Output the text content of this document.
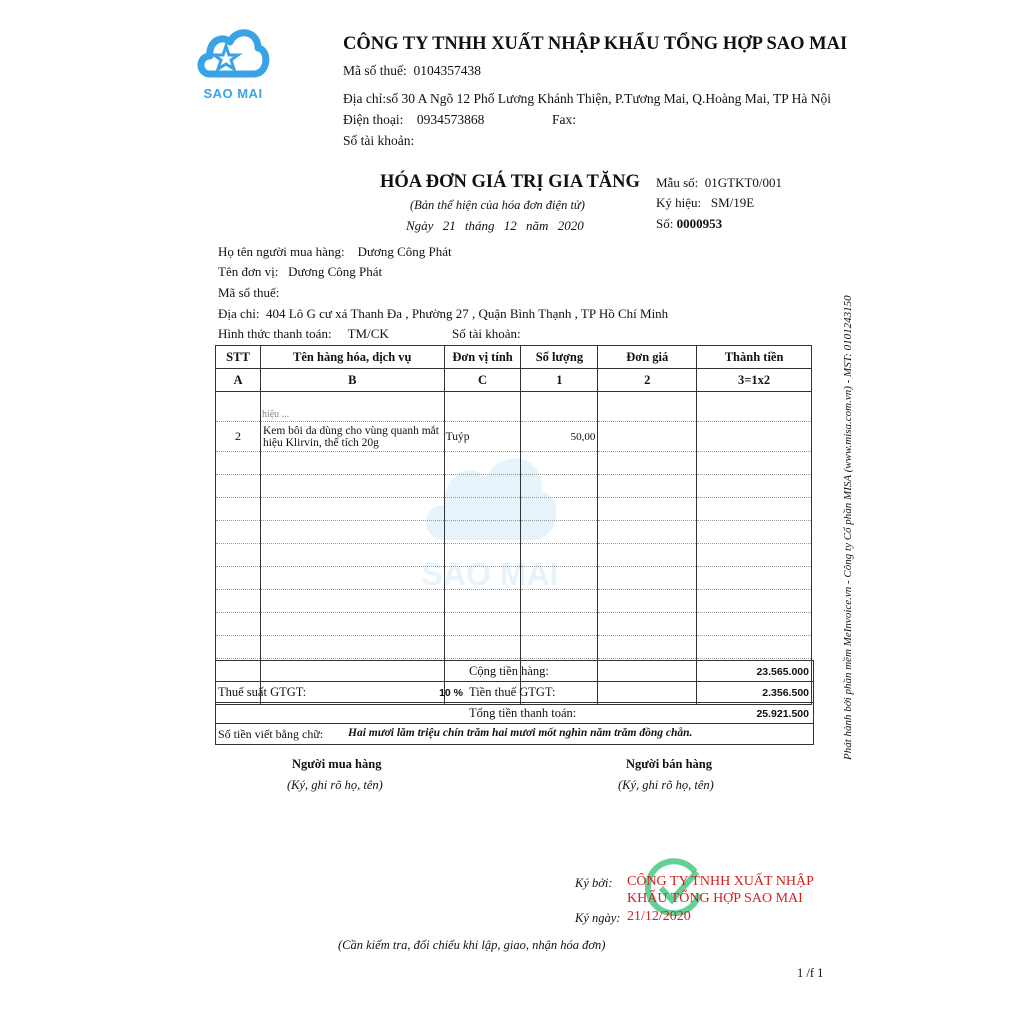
SAO MAI
CÔNG TY TNHH XUẤT NHẬP KHẨU TỔNG HỢP SAO MAI
Mã số thuế: 0104357438
Địa chỉ:số 30 A Ngõ 12 Phố Lương Khánh Thiện, P.Tương Mai, Q.Hoàng Mai, TP Hà Nội
Điện thoại: 0934573868	Fax:
Số tài khoản:
HÓA ĐƠN GIÁ TRỊ GIA TĂNG
(Bản thể hiện của hóa đơn điện tử)
Ngày 21 tháng 12 năm 2020
Mẫu số: 01GTKT0/001
Ký hiệu: SM/19E
Số: 0000953
Họ tên người mua hàng: Dương Công Phát
Tên đơn vị: Dương Công Phát
Mã số thuế:
Địa chỉ: 404 Lô G cư xá Thanh Đa , Phường 27 , Quận Bình Thạnh , TP Hồ Chí Minh
Hình thức thanh toán: TM/CK	Số tài khoản:
SAO MAI
STT	Tên hàng hóa, dịch vụ	Đơn vị tính	Số lượng	Đơn giá	Thành tiền
A	B	C	1	2	3=1x2
	hiệu ...				
2	Kem bôi da dùng cho vùng quanh mắt hiệu Klirvin, thể tích 20g	Tuýp	50,00		

Cộng tiền hàng:	23.565.000
Thuế suất GTGT:	10 % Tiền thuế GTGT:	2.356.500
Tổng tiền thanh toán:	25.921.500
Số tiền viết bằng chữ: Hai mươi lăm triệu chín trăm hai mươi mốt nghìn năm trăm đồng chẵn.
Người mua hàng
(Ký, ghi rõ họ, tên)
Người bán hàng
(Ký, ghi rõ họ, tên)
Ký bởi: CÔNG TY TNHH XUẤT NHẬP
KHẨU TỔNG HỢP SAO MAI
Ký ngày: 21/12/2020
(Cần kiểm tra, đối chiếu khi lập, giao, nhận hóa đơn)
1 /f 1
Phát hành bởi phần mềm MeInvoice.vn - Công ty Cổ phần MISA (www.misa.com.vn) - MST: 0101243150
